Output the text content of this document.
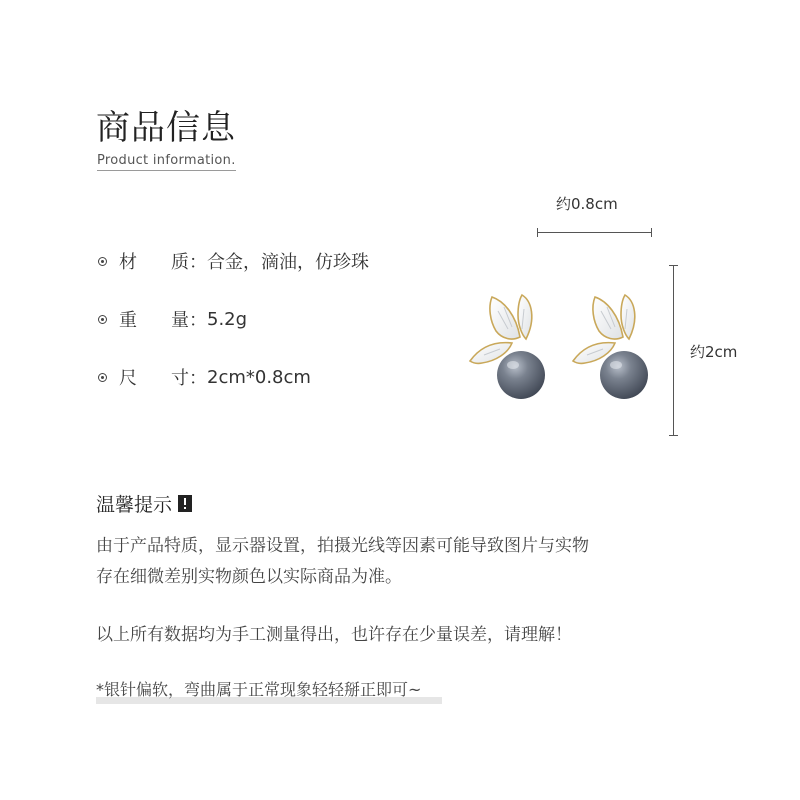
商品信息
Product information.
材	质： 合金，滴油，仿珍珠
重	量： 5.2g
尺	寸： 2cm*0.8cm
约0.8cm
约2cm
温馨提示
由于产品特质，显示器设置，拍摄光线等因素可能导致图片与实物
存在细微差别实物颜色以实际商品为准。
以上所有数据均为手工测量得出，也许存在少量误差，请理解！
*银针偏软，弯曲属于正常现象轻轻掰正即可~
